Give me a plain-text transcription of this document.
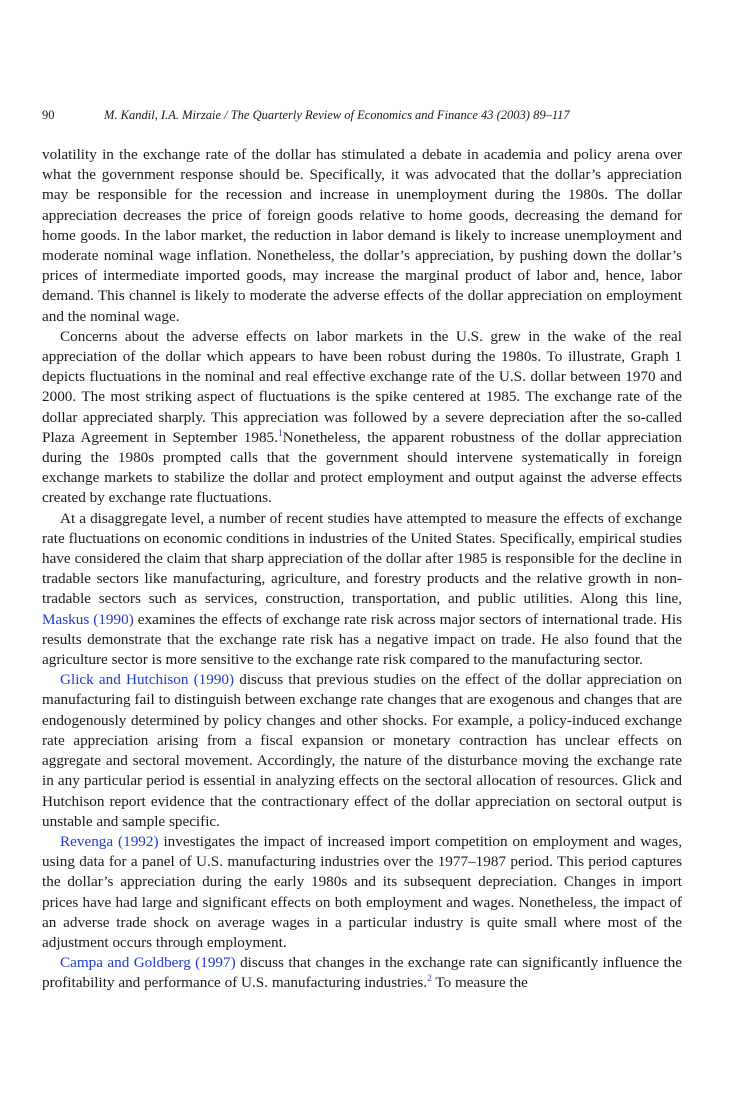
90	M. Kandil, I.A. Mirzaie / The Quarterly Review of Economics and Finance 43 (2003) 89–117

volatility in the exchange rate of the dollar has stimulated a debate in academia and policy arena over what the government response should be. Specifically, it was advocated that the dollar’s appreciation may be responsible for the recession and increase in unemployment during the 1980s. The dollar appreciation decreases the price of foreign goods relative to home goods, decreasing the demand for home goods. In the labor market, the reduction in labor demand is likely to increase unemployment and moderate nominal wage inflation. Nonetheless, the dollar’s appreciation, by pushing down the dollar’s prices of intermediate imported goods, may increase the marginal product of labor and, hence, labor demand. This channel is likely to moderate the adverse effects of the dollar appreciation on employment and the nominal wage.

Concerns about the adverse effects on labor markets in the U.S. grew in the wake of the real appreciation of the dollar which appears to have been robust during the 1980s. To illustrate, Graph 1 depicts fluctuations in the nominal and real effective exchange rate of the U.S. dollar between 1970 and 2000. The most striking aspect of fluctuations is the spike centered at 1985. The exchange rate of the dollar appreciated sharply. This appreciation was followed by a severe depreciation after the so-called Plaza Agreement in September 1985.$^1$Nonetheless, the apparent robustness of the dollar appreciation during the 1980s prompted calls that the government should intervene systematically in foreign exchange markets to stabilize the dollar and protect employment and output against the adverse effects created by exchange rate fluctuations.

At a disaggregate level, a number of recent studies have attempted to measure the effects of exchange rate fluctuations on economic conditions in industries of the United States. Specifically, empirical studies have considered the claim that sharp appreciation of the dollar after 1985 is responsible for the decline in tradable sectors like manufacturing, agriculture, and forestry products and the relative growth in non-tradable sectors such as services, construction, transportation, and public utilities. Along this line, Maskus (1990) examines the effects of exchange rate risk across major sectors of international trade. His results demonstrate that the exchange rate risk has a negative impact on trade. He also found that the agriculture sector is more sensitive to the exchange rate risk compared to the manufacturing sector.

Glick and Hutchison (1990) discuss that previous studies on the effect of the dollar appreciation on manufacturing fail to distinguish between exchange rate changes that are exogenous and changes that are endogenously determined by policy changes and other shocks. For example, a policy-induced exchange rate appreciation arising from a fiscal expansion or monetary contraction has unclear effects on aggregate and sectoral movement. Accordingly, the nature of the disturbance moving the exchange rate in any particular period is essential in analyzing effects on the sectoral allocation of resources. Glick and Hutchison report evidence that the contractionary effect of the dollar appreciation on sectoral output is unstable and sample specific.

Revenga (1992) investigates the impact of increased import competition on employment and wages, using data for a panel of U.S. manufacturing industries over the 1977–1987 period. This period captures the dollar’s appreciation during the early 1980s and its subsequent depreciation. Changes in import prices have had large and significant effects on both employment and wages. Nonetheless, the impact of an adverse trade shock on average wages in a particular industry is quite small where most of the adjustment occurs through employment.

Campa and Goldberg (1997) discuss that changes in the exchange rate can significantly influence the profitability and performance of U.S. manufacturing industries.$^2$ To measure the
